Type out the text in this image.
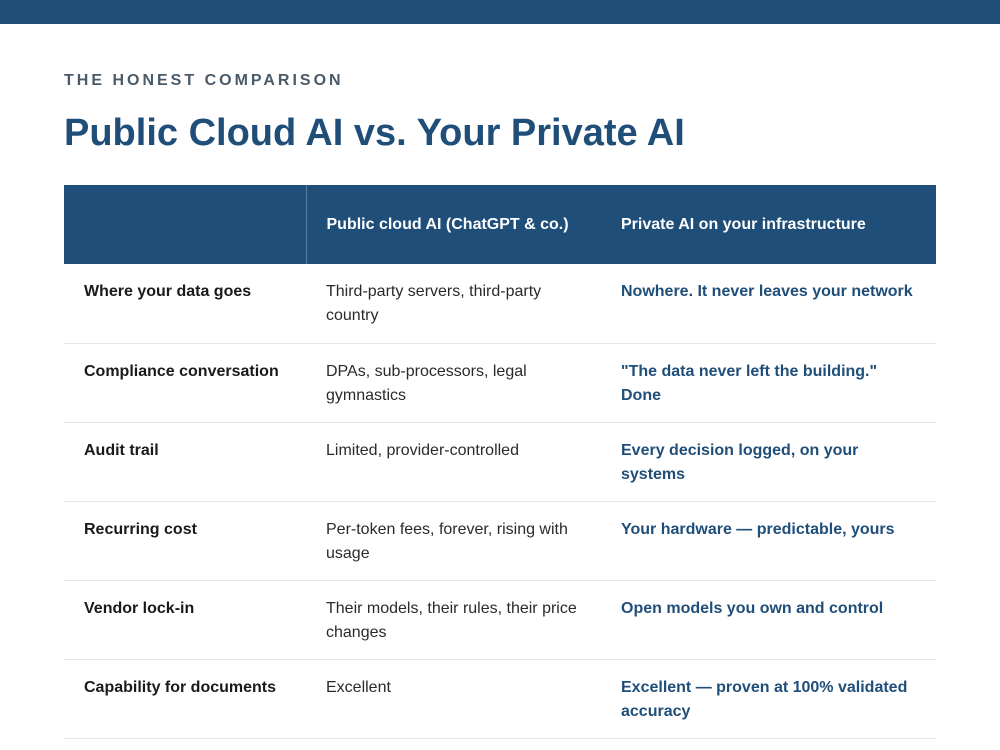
THE HONEST COMPARISON
Public Cloud AI vs. Your Private AI
	Public cloud AI (ChatGPT & co.)	Private AI on your infrastructure
Where your data goes	Third-party servers, third-party country	Nowhere. It never leaves your network
Compliance conversation	DPAs, sub-processors, legal gymnastics	"The data never left the building." Done
Audit trail	Limited, provider-controlled	Every decision logged, on your systems
Recurring cost	Per-token fees, forever, rising with usage	Your hardware — predictable, yours
Vendor lock-in	Their models, their rules, their price changes	Open models you own and control
Capability for documents	Excellent	Excellent — proven at 100% validated accuracy
